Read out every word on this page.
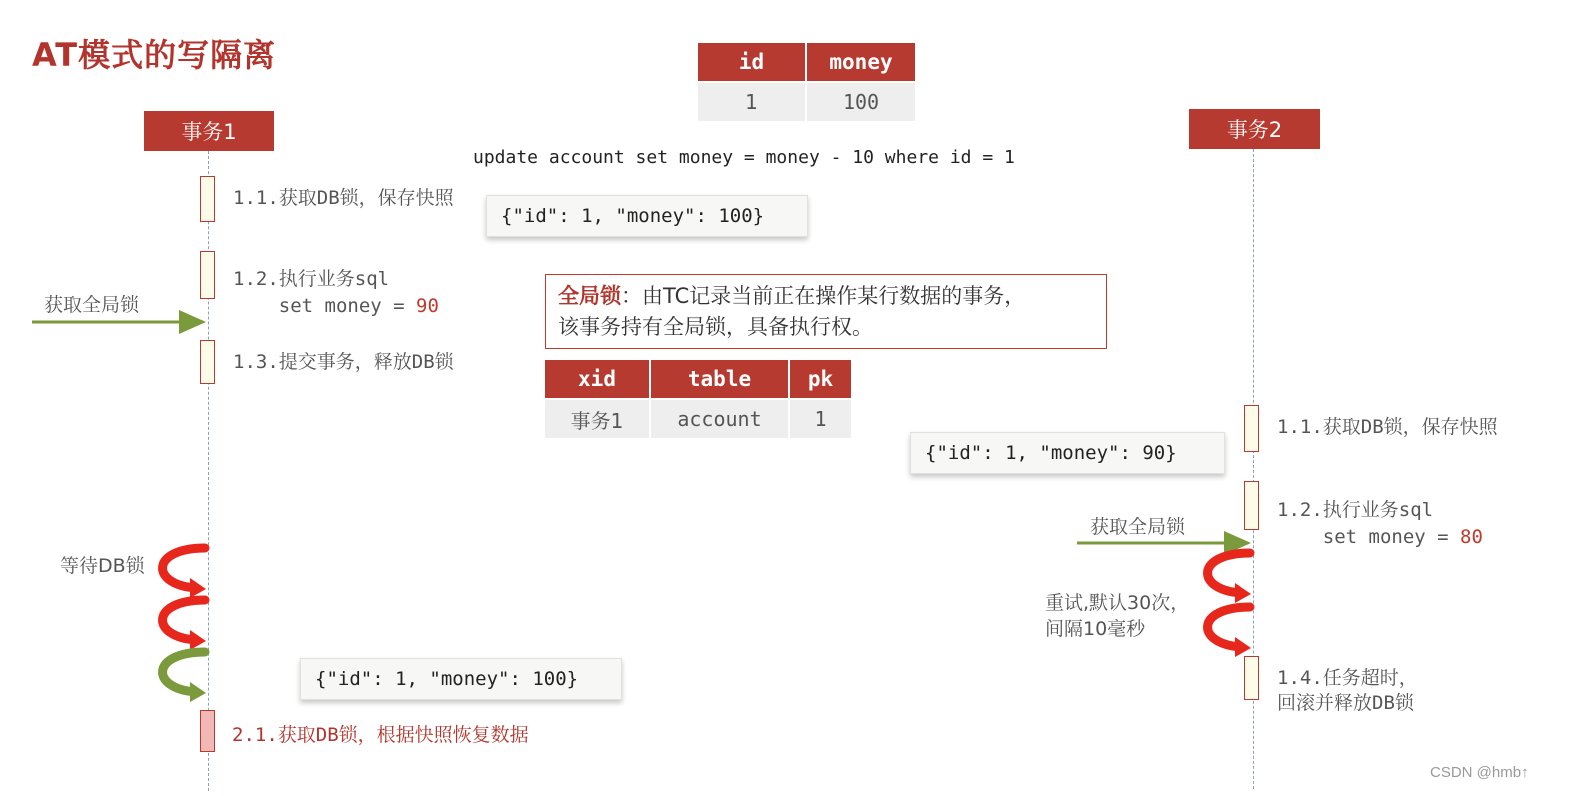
AT模式的写隔离	id	money
1	100
update account set money = money - 10 where id = 1
事务1	事务2
1.1.获取DB锁，保存快照
1.2.执行业务sql
set money = 90
1.3.提交事务，释放DB锁
2.1.获取DB锁，根据快照恢复数据
获取全局锁
等待DB锁
{"id": 1, "money": 100}
{"id": 1, "money": 100}
全局锁：由TC记录当前正在操作某行数据的事务，
该事务持有全局锁，具备执行权。
xid	table	pk
事务1	account	1
{"id": 1, "money": 90}
1.1.获取DB锁，保存快照
1.2.执行业务sql
set money = 80
1.4.任务超时，
回滚并释放DB锁
获取全局锁
重试,默认30次，
间隔10毫秒
CSDN @hmb↑
